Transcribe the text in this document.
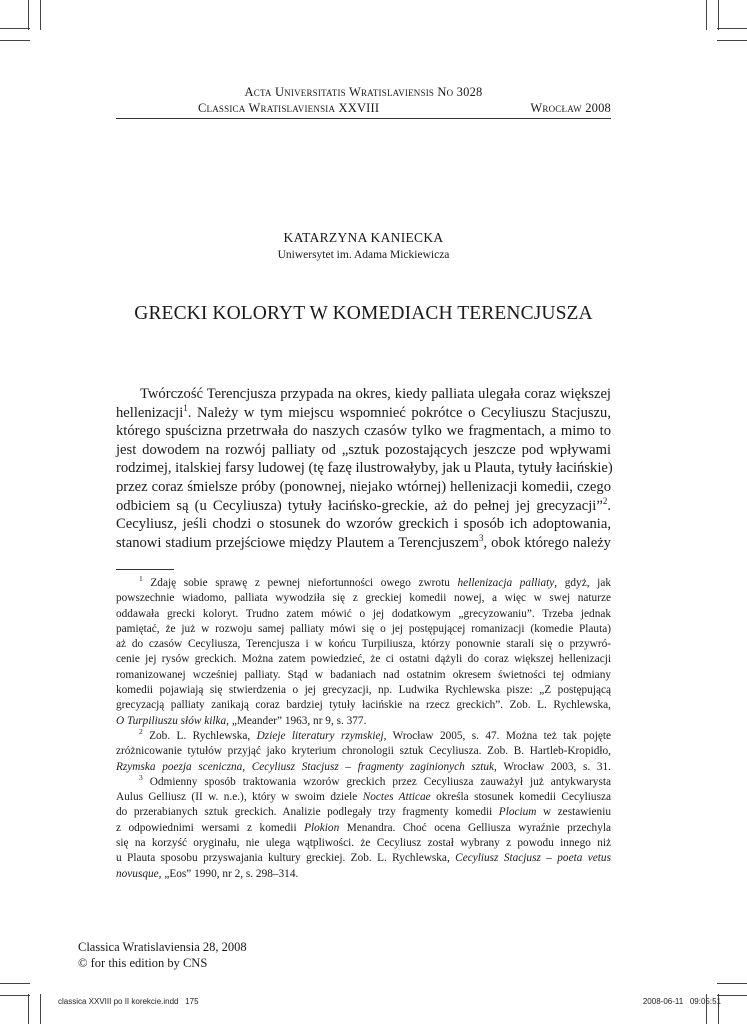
Acta Universitatis Wratislaviensis No 3028
Classica Wratislaviensia XXVIII	Wrocław 2008
KATARZYNA KANIECKA
Uniwersytet im. Adama Mickiewicza
GRECKI KOLORYT W KOMEDIACH TERENCJUSZA
Twórczość Terencjusza przypada na okres, kiedy palliata ulegała coraz większej
hellenizacji$^1$. Należy w tym miejscu wspomnieć pokrótce o Cecyliuszu Stacjuszu,
którego spuścizna przetrwała do naszych czasów tylko we fragmentach, a mimo to
jest dowodem na rozwój palliaty od „sztuk pozostających jeszcze pod wpływami
rodzimej, italskiej farsy ludowej (tę fazę ilustrowałyby, jak u Plauta, tytuły łacińskie)
przez coraz śmielsze próby (ponownej, niejako wtórnej) hellenizacji komedii, czego
odbiciem są (u Cecyliusza) tytuły łacińsko-greckie, aż do pełnej jej grecyzacji”$^2$.
Cecyliusz, jeśli chodzi o stosunek do wzorów greckich i sposób ich adoptowania,
stanowi stadium przejściowe między Plautem a Terencjuszem$^3$, obok którego należy
$^1$ Zdaję sobie sprawę z pewnej niefortunności owego zwrotu hellenizacja palliaty, gdyż, jak
powszechnie wiadomo, palliata wywodziła się z greckiej komedii nowej, a więc w swej naturze
oddawała grecki koloryt. Trudno zatem mówić o jej dodatkowym „grecyzowaniu”. Trzeba jednak
pamiętać, że już w rozwoju samej palliaty mówi się o jej postępującej romanizacji (komedie Plauta)
aż do czasów Cecyliusza, Terencjusza i w końcu Turpiliusza, którzy ponownie starali się o przywró-
cenie jej rysów greckich. Można zatem powiedzieć, że ci ostatni dążyli do coraz większej hellenizacji
romanizowanej wcześniej palliaty. Stąd w badaniach nad ostatnim okresem świetności tej odmiany
komedii pojawiają się stwierdzenia o jej grecyzacji, np. Ludwika Rychlewska pisze: „Z postępującą
grecyzacją palliaty zanikają coraz bardziej tytuły łacińskie na rzecz greckich”. Zob. L. Rychlewska,
O Turpiliuszu słów kilka, „Meander” 1963, nr 9, s. 377.
$^2$ Zob. L. Rychlewska, Dzieje literatury rzymskiej, Wrocław 2005, s. 47. Można też tak pojęte
zróżnicowanie tytułów przyjąć jako kryterium chronologii sztuk Cecyliusza. Zob. B. Hartleb-Kropidło,
Rzymska poezja sceniczna, Cecyliusz Stacjusz – fragmenty zaginionych sztuk, Wrocław 2003, s. 31.
$^3$ Odmienny sposób traktowania wzorów greckich przez Cecyliusza zauważył już antykwarysta
Aulus Gelliusz (II w. n.e.), który w swoim dziele Noctes Atticae określa stosunek komedii Cecyliusza
do przerabianych sztuk greckich. Analizie podlegały trzy fragmenty komedii Plocium w zestawieniu
z odpowiednimi wersami z komedii Plokion Menandra. Choć ocena Gelliusza wyraźnie przechyla
się na korzyść oryginału, nie ulega wątpliwości. że Cecyliusz został wybrany z powodu innego niż
u Plauta sposobu przyswajania kultury greckiej. Zob. L. Rychlewska, Cecyliusz Stacjusz – poeta vetus
novusque, „Eos” 1990, nr 2, s. 298–314.
Classica Wratislaviensia 28, 2008
© for this edition by CNS
classica XXVIII po II korekcie.indd   175	2008-06-11   09:05:51
